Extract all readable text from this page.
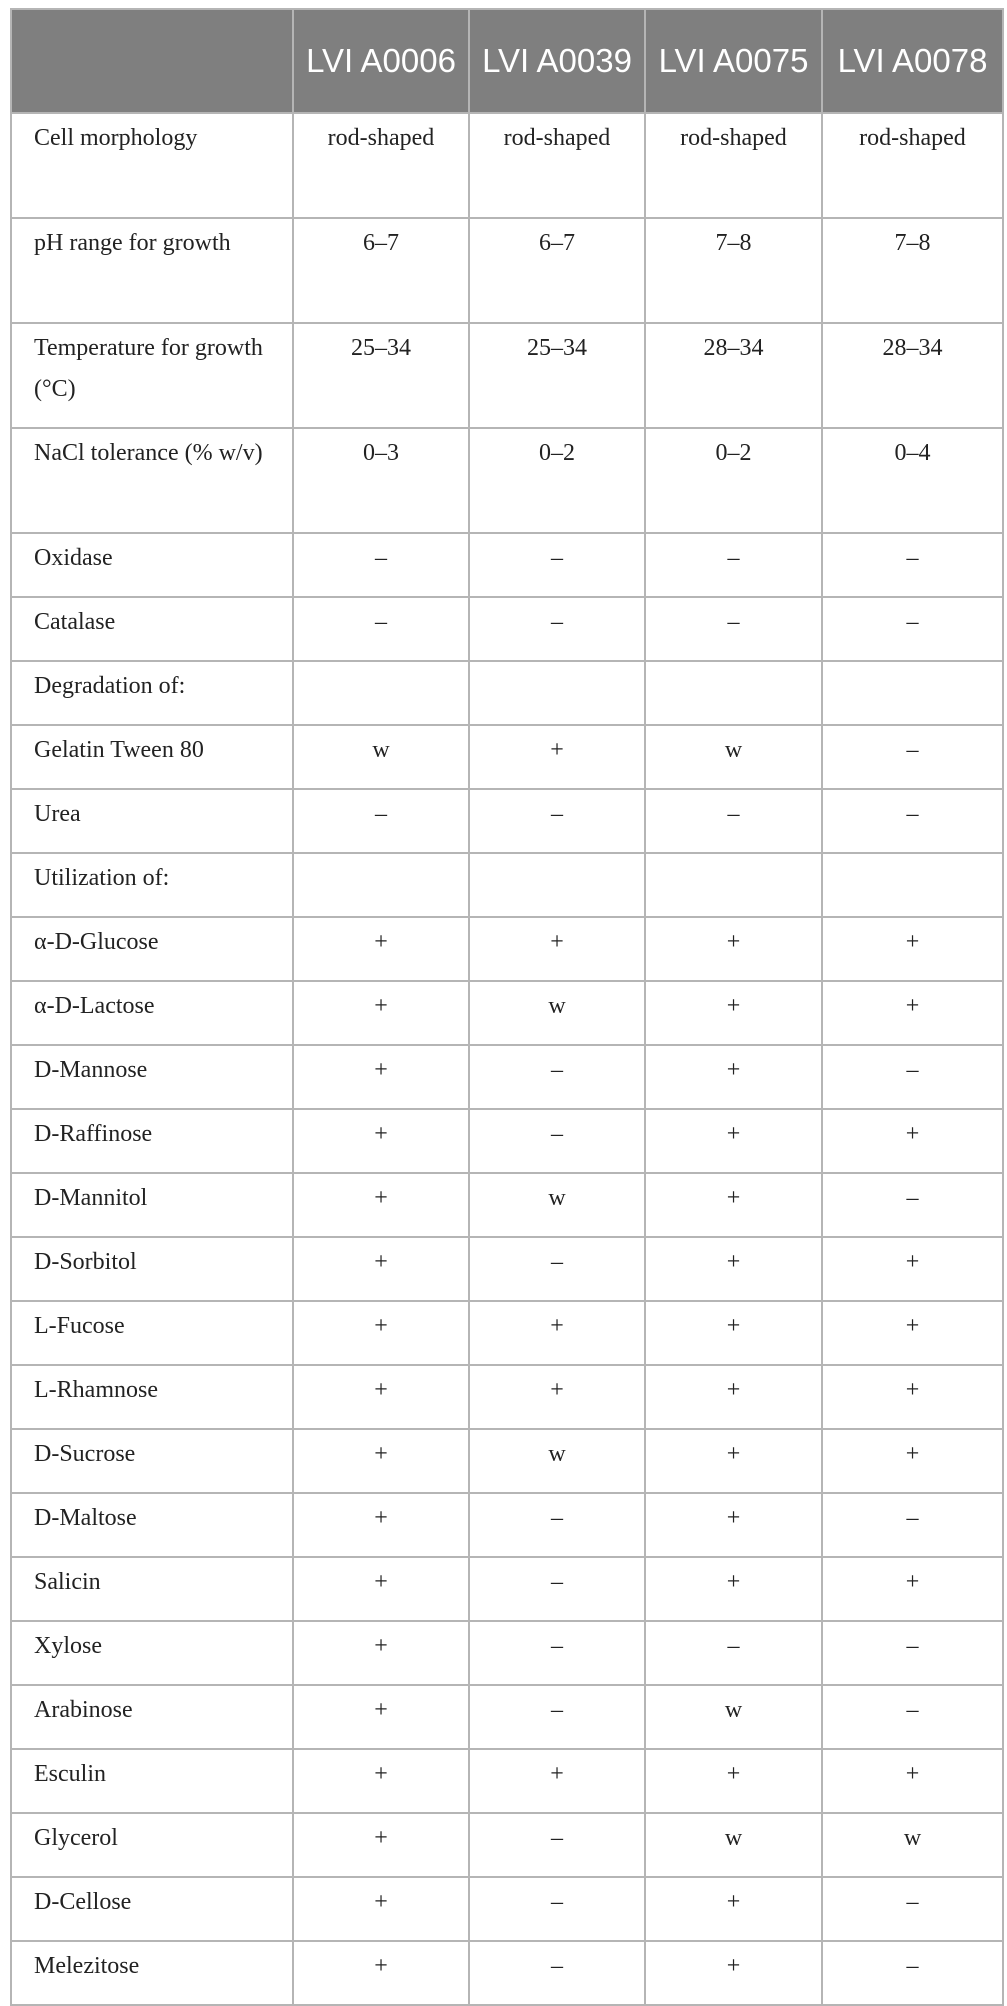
	LVI A0006	LVI A0039	LVI A0075	LVI A0078
Cell morphology	rod-shaped	rod-shaped	rod-shaped	rod-shaped
pH range for growth	6–7	6–7	7–8	7–8
Temperature for growth (°C)	25–34	25–34	28–34	28–34
NaCl tolerance (% w/v)	0–3	0–2	0–2	0–4
Oxidase	–	–	–	–
Catalase	–	–	–	–
Degradation of:				
Gelatin Tween 80	w	+	w	–
Urea	–	–	–	–
Utilization of:				
α-D-Glucose	+	+	+	+
α-D-Lactose	+	w	+	+
D-Mannose	+	–	+	–
D-Raffinose	+	–	+	+
D-Mannitol	+	w	+	–
D-Sorbitol	+	–	+	+
L-Fucose	+	+	+	+
L-Rhamnose	+	+	+	+
D-Sucrose	+	w	+	+
D-Maltose	+	–	+	–
Salicin	+	–	+	+
Xylose	+	–	–	–
Arabinose	+	–	w	–
Esculin	+	+	+	+
Glycerol	+	–	w	w
D-Cellose	+	–	+	–
Melezitose	+	–	+	–
